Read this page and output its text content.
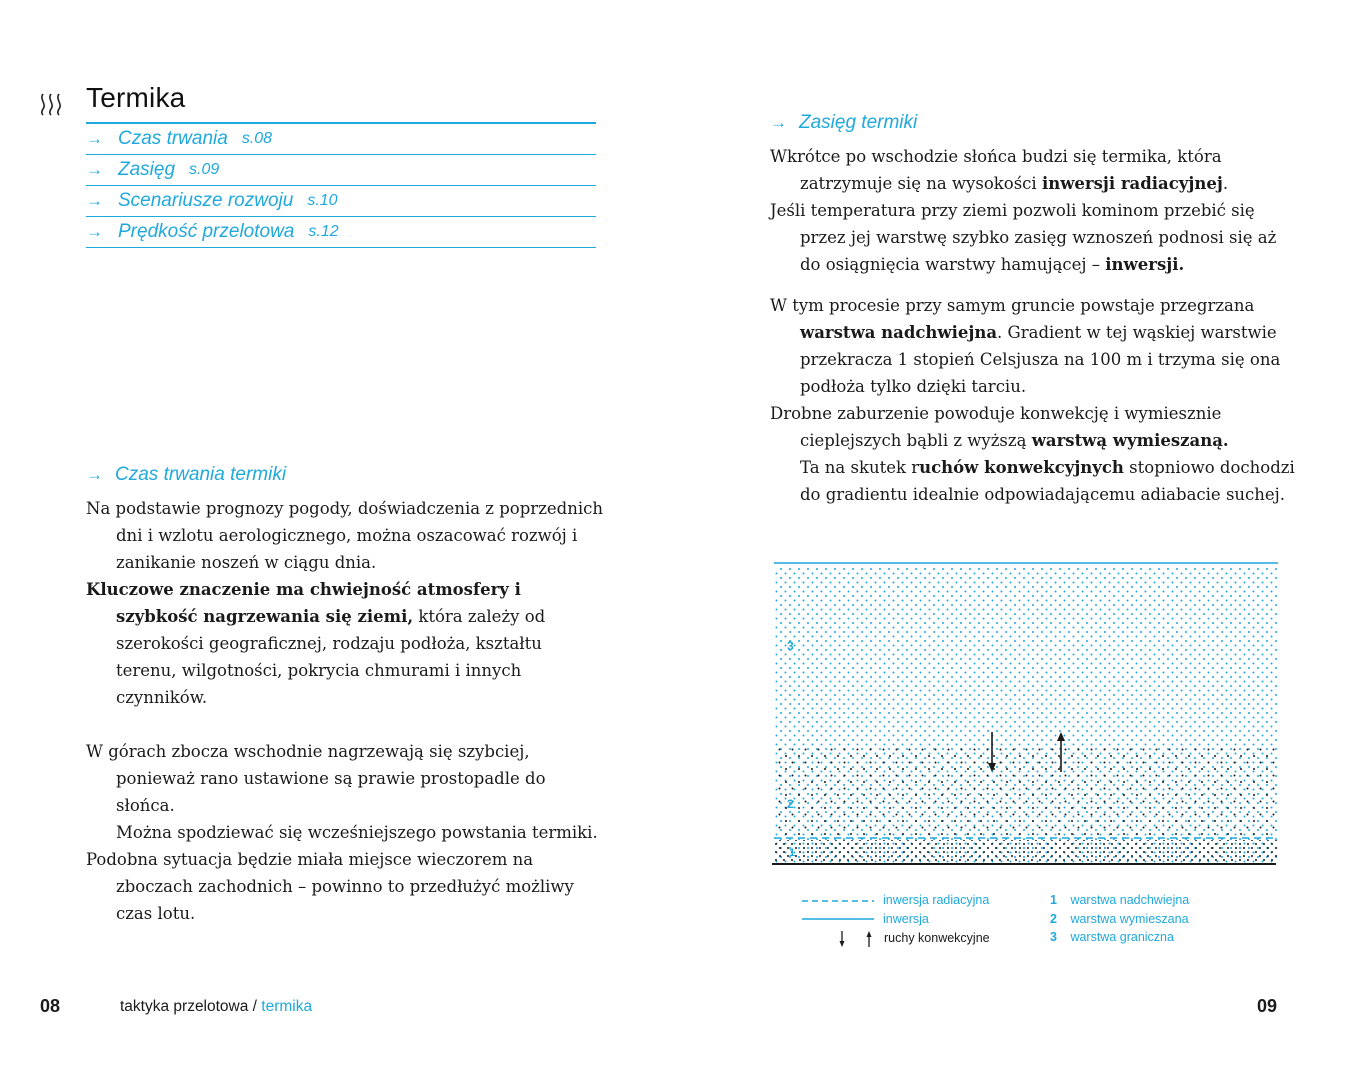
Termika
→ Czas trwania s.08
→ Zasięg s.09
→ Scenariusze rozwoju s.10
→ Prędkość przelotowa s.12
→ Czas trwania termiki
Na podstawie prognozy pogody, doświadczenia z poprzednich dni i wzlotu aerologicznego, można oszacować rozwój i zanikanie noszeń w ciągu dnia.
Kluczowe znaczenie ma chwiejność atmosfery i szybkość nagrzewania się ziemi, która zależy od szerokości geograficznej, rodzaju podłoża, kształtu terenu, wilgotności, pokrycia chmurami i innych czynników.
W górach zbocza wschodnie nagrzewają się szybciej, ponieważ rano ustawione są prawie prostopadle do słońca.
Można spodziewać się wcześniejszego powstania termiki.
Podobna sytuacja będzie miała miejsce wieczorem na zboczach zachodnich – powinno to przedłużyć możliwy czas lotu.
→ Zasięg termiki
Wkrótce po wschodzie słońca budzi się termika, która zatrzymuje się na wysokości inwersji radiacyjnej.
Jeśli temperatura przy ziemi pozwoli kominom przebić się przez jej warstwę szybko zasięg wznoszeń podnosi się aż do osiągnięcia warstwy hamującej – inwersji.
W tym procesie przy samym gruncie powstaje przegrzana warstwa nadchwiejna. Gradient w tej wąskiej warstwie przekracza 1 stopień Celsjusza na 100 m i trzyma się ona podłoża tylko dzięki tarciu.
Drobne zaburzenie powoduje konwekcję i wymiesznie cieplejszych bąbli z wyższą warstwą wymieszaną.
Ta na skutek ruchów konwekcyjnych stopniowo dochodzi do gradientu idealnie odpowiadającemu adiabacie suchej.
3
2
1
inwersja radiacyjna
inwersja
ruchy konwekcyjne
1 warstwa nadchwiejna
2 warstwa wymieszana
3 warstwa graniczna
08	taktyka przelotowa / termika	09
